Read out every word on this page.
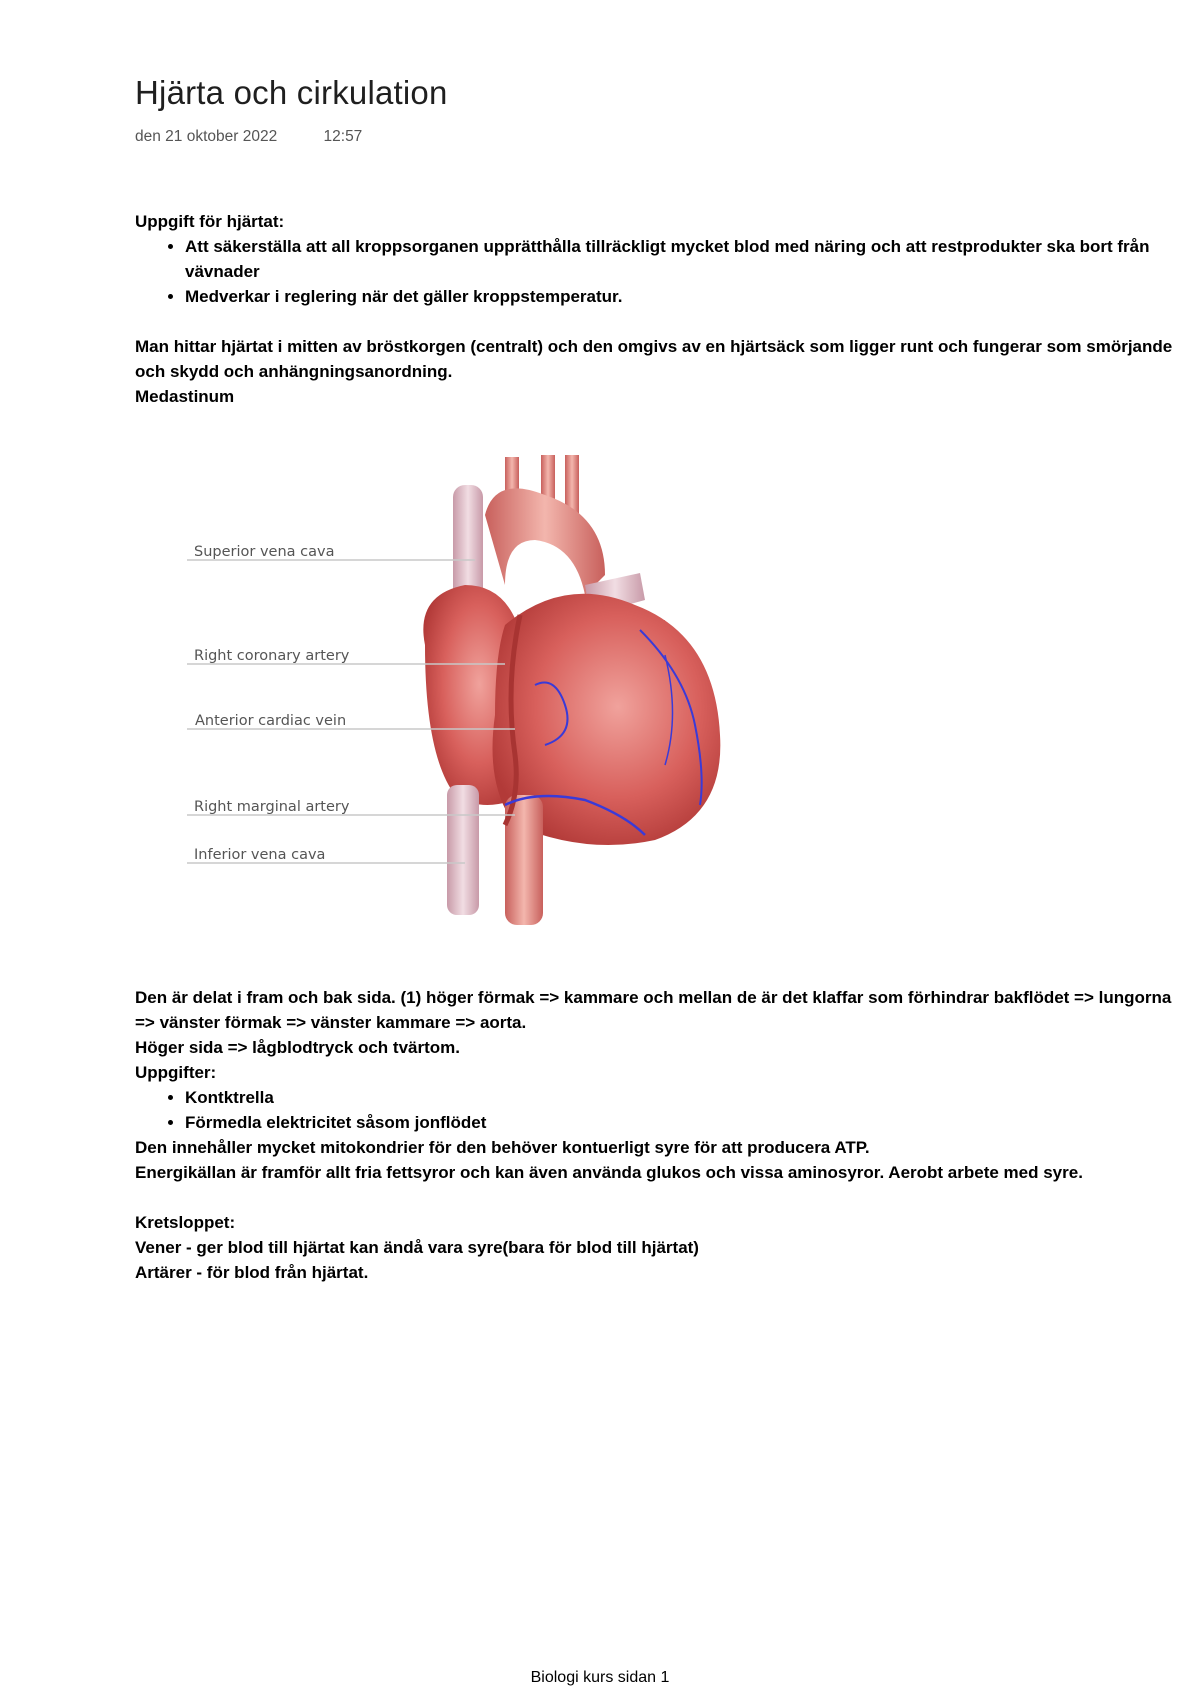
Hjärta och cirkulation
den 21 oktober 2022	12:57

Uppgift för hjärtat:

• Att säkerställa att all kroppsorganen upprätthålla tillräckligt mycket blod med näring och att restprodukter ska bort från vävnader
• Medverkar i reglering när det gäller kroppstemperatur.

Man hittar hjärtat i mitten av bröstkorgen (centralt) och den omgivs av en hjärtsäck som ligger runt och fungerar som smörjande och skydd och anhängningsanordning.

Medastinum

Superior vena cava
Right coronary artery
Anterior cardiac vein
Right marginal artery
Inferior vena cava

Den är delat i fram och bak sida. (1) höger förmak => kammare och mellan de är det klaffar som förhindrar bakflödet => lungorna => vänster förmak => vänster kammare => aorta.

Höger sida => lågblodtryck och tvärtom.

Uppgifter:

• Kontktrella
• Förmedla elektricitet såsom jonflödet

Den innehåller mycket mitokondrier för den behöver kontuerligt syre för att producera ATP.

Energikällan är framför allt fria fettsyror och kan även använda glukos och vissa aminosyror. Aerobt arbete med syre.

Kretsloppet:

Vener - ger blod till hjärtat kan ändå vara syre(bara för blod till hjärtat)

Artärer - för blod från hjärtat.

Biologi kurs sidan 1
